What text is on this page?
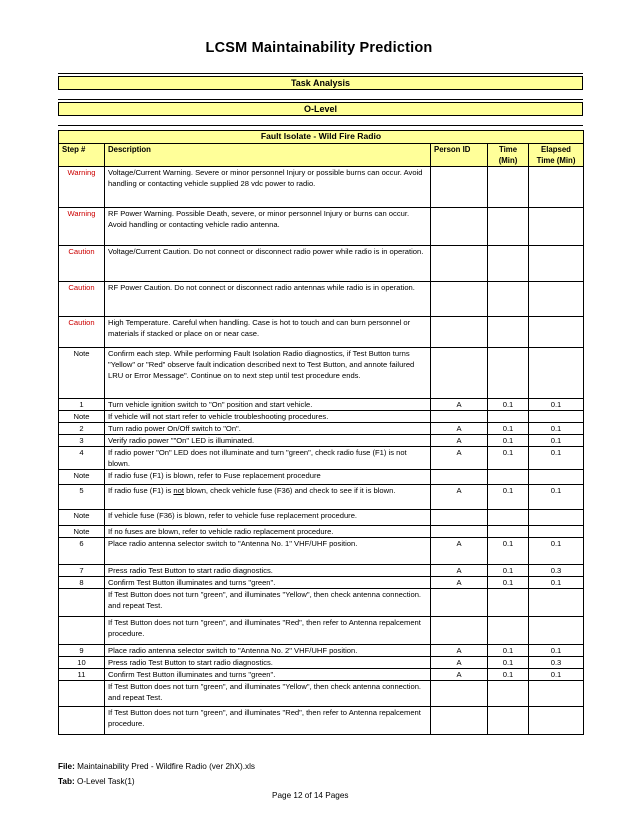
LCSM Maintainability Prediction
Task Analysis
O-Level
Fault Isolate - Wild Fire Radio				
Step #	Description	Person ID	Time (Min)	Elapsed Time (Min)
Warning	Voltage/Current Warning. Severe or minor personnel Injury or possible burns can occur. Avoid handling or contacting vehicle supplied 28 vdc power to radio.			
Warning	RF Power Warning. Possible Death, severe, or minor personnel Injury or burns can occur. Avoid handling or contacting vehicle radio antenna.			
Caution	Voltage/Current Caution. Do not connect or disconnect radio power while radio is in operation.			
Caution	RF Power Caution. Do not connect or disconnect radio antennas while radio is in operation.			
Caution	High Temperature. Careful when handling. Case is hot to touch and can burn personnel or materials if stacked or place on or near case.			
Note	Confirm each step. While performing Fault Isolation Radio diagnostics, if Test Button turns "Yellow" or "Red" observe fault indication described next to Test Button, and annote failured LRU or Error Message". Continue on to next step until test procedure ends.			
1	Turn vehicle ignition switch to "On" position and start vehicle.	A	0.1	0.1
Note	If vehicle will not start refer to vehicle troubleshooting procedures.			
2	Turn radio power On/Off switch to "On".	A	0.1	0.1
3	Verify radio power ""On" LED is illuminated.	A	0.1	0.1
4	If radio power "On" LED does not illuminate and turn "green", check radio fuse (F1) is not blown.	A	0.1	0.1
Note	If radio fuse (F1) is blown, refer to Fuse replacement procedure			
5	If radio fuse (F1) is not blown, check vehicle fuse (F36) and check to see if it is blown.	A	0.1	0.1
Note	If vehicle fuse (F36) is blown, refer to vehicle fuse replacement procedure.			
Note	If no fuses are blown, refer to vehicle radio replacement procedure.			
6	Place radio antenna selector switch to "Antenna No. 1" VHF/UHF position.	A	0.1	0.1
7	Press radio Test Button to start radio diagnostics.	A	0.1	0.3
8	Confirm Test Button illuminates and turns "green".	A	0.1	0.1
	If Test Button does not turn "green", and illuminates "Yellow", then check antenna connection. and repeat Test.			
	If Test Button does not turn "green", and illuminates "Red", then refer to Antenna repalcement procedure.			
9	Place radio antenna selector switch to "Antenna No. 2" VHF/UHF position.	A	0.1	0.1
10	Press radio Test Button to start radio diagnostics.	A	0.1	0.3
11	Confirm Test Button illuminates and turns "green".	A	0.1	0.1
	If Test Button does not turn "green", and illuminates "Yellow", then check antenna connection. and repeat Test.			
	If Test Button does not turn "green", and illuminates "Red", then refer to Antenna repalcement procedure.			
File: Maintainability Pred - Wildfire Radio (ver 2hX).xls
Tab: O-Level Task(1)
Page 12 of 14 Pages
